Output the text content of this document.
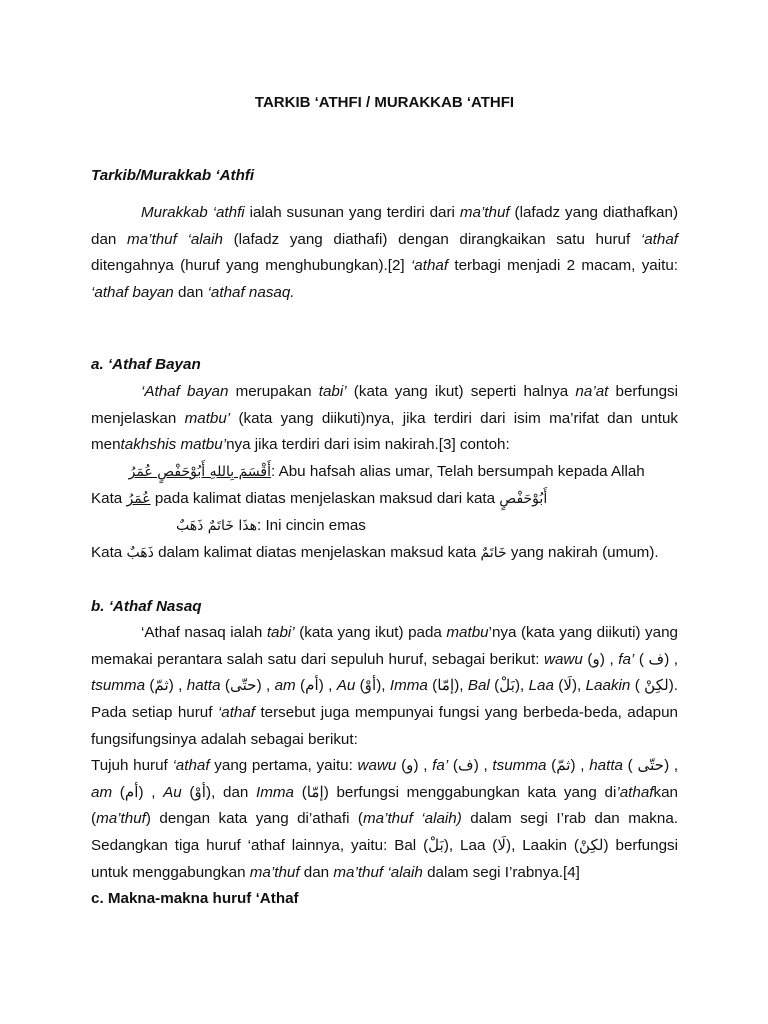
TARKIB ‘ATHFI / MURAKKAB ‘ATHFI
Tarkib/Murakkab ‘Athfi
Murakkab ‘athfi ialah susunan yang terdiri dari ma’thuf (lafadz yang diathafkan) dan ma’thuf ‘alaih (lafadz yang diathafi) dengan dirangkaikan satu huruf ‘athaf ditengahnya (huruf yang menghubungkan).[2] ‘athaf terbagi menjadi 2 macam, yaitu: ‘athaf bayan dan ‘athaf nasaq.
a. ‘Athaf Bayan
‘Athaf bayan merupakan tabi’ (kata yang ikut) seperti halnya na’at berfungsi menjelaskan matbu’ (kata yang diikuti)nya, jika terdiri dari isim ma’rifat dan untuk mentakhshis matbu’nya jika terdiri dari isim nakirah.[3] contoh:
أَقْسَمَ بِاللهِ أَبُوْحَفْصٍ عُمَرُ: Abu hafsah alias umar, Telah bersumpah kepada Allah
Kata عُمَرُ pada kalimat diatas menjelaskan maksud dari kata أَبُوْحَفْصٍ
هذَا خَاتَمٌ ذَهَبٌ: Ini cincin emas
Kata ذَهَبٌ dalam kalimat diatas menjelaskan maksud kata خَاتَمٌ yang nakirah (umum).
b. ‘Athaf Nasaq
‘Athaf nasaq ialah tabi’ (kata yang ikut) pada matbu’nya (kata yang diikuti) yang memakai perantara salah satu dari sepuluh huruf, sebagai berikut: wawu (و) , fa’ ( ف) , tsumma (ثمّ) , hatta (حتّى) , am (أم) , Au (أوْ), Imma (إمّا), Bal (بَلْ), Laa (لَا), Laakin ( لكِنْ). Pada setiap huruf ‘athaf tersebut juga mempunyai fungsi yang berbeda-beda, adapun fungsifungsinya adalah sebagai berikut:
Tujuh huruf ‘athaf yang pertama, yaitu: wawu (و) , fa’ (ف) , tsumma (ثمّ) , hatta ( حتّى) , am (أم) , Au (أوْ), dan Imma (إمّا) berfungsi menggabungkan kata yang di’athafkan (ma’thuf) dengan kata yang di’athafi (ma’thuf ‘alaih) dalam segi I’rab dan makna. Sedangkan tiga huruf ‘athaf lainnya, yaitu: Bal (بَلْ), Laa (لَا), Laakin (لكِنْ) berfungsi untuk menggabungkan ma’thuf dan ma’thuf ‘alaih dalam segi I’rabnya.[4]
c. Makna-makna huruf ‘Athaf
